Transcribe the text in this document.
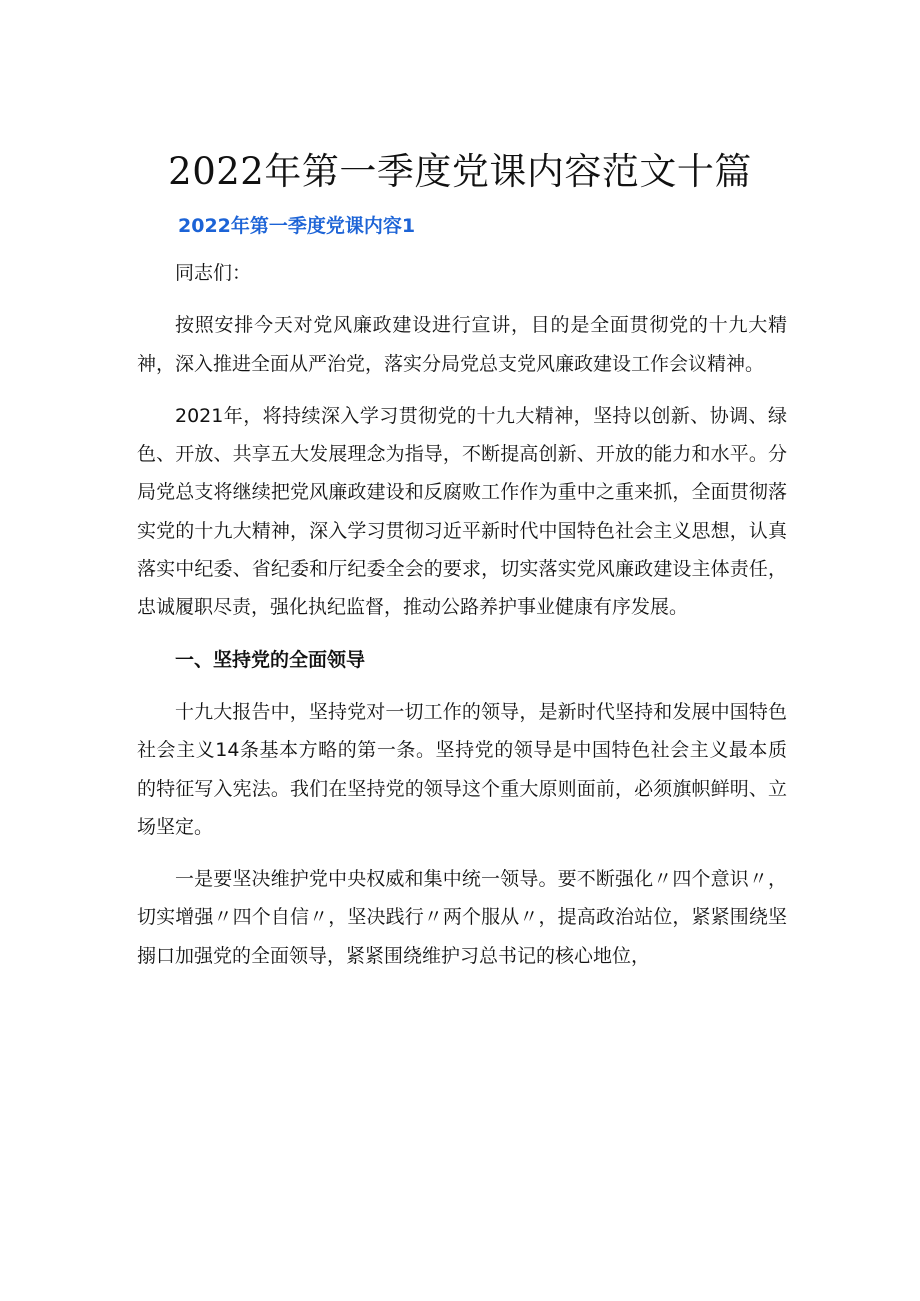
2022年第一季度党课内容范文十篇
2022年第一季度党课内容1

同志们：

按照安排今天对党风廉政建设进行宣讲，目的是全面贯彻党的十九大精神，深入推进全面从严治党，落实分局党总支党风廉政建设工作会议精神。

2021年，将持续深入学习贯彻党的十九大精神，坚持以创新、协调、绿色、开放、共享五大发展理念为指导，不断提高创新、开放的能力和水平。分局党总支将继续把党风廉政建设和反腐败工作作为重中之重来抓，全面贯彻落实党的十九大精神，深入学习贯彻习近平新时代中国特色社会主义思想，认真落实中纪委、省纪委和厅纪委全会的要求，切实落实党风廉政建设主体责任，忠诚履职尽责，强化执纪监督，推动公路养护事业健康有序发展。

一、坚持党的全面领导

十九大报告中，坚持党对一切工作的领导，是新时代坚持和发展中国特色社会主义14条基本方略的第一条。坚持党的领导是中国特色社会主义最本质的特征写入宪法。我们在坚持党的领导这个重大原则面前，必须旗帜鲜明、立场坚定。

一是要坚决维护党中央权威和集中统一领导。要不断强化〃四个意识〃，切实增强〃四个自信〃，坚决践行〃两个服从〃，提高政治站位，紧紧围绕坚搦口加强党的全面领导，紧紧围绕维护习总书记的核心地位，
